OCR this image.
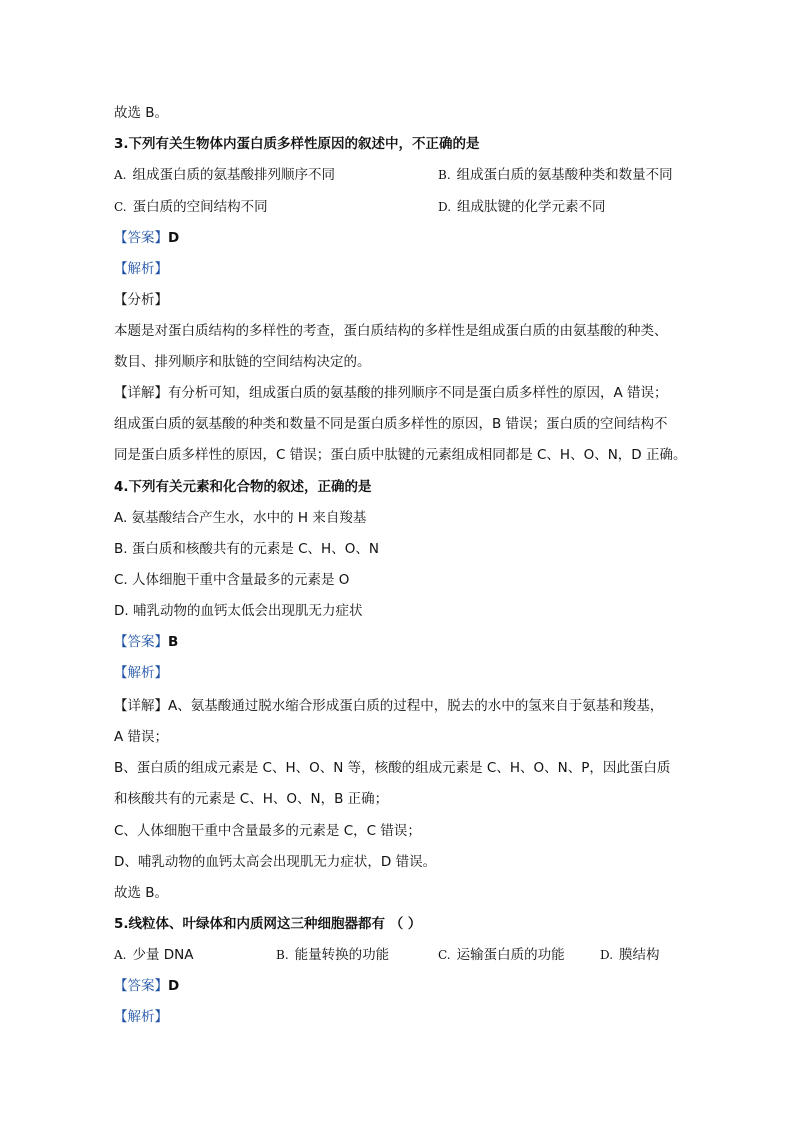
故选 B。
3.下列有关生物体内蛋白质多样性原因的叙述中，不正确的是
A. 组成蛋白质的氨基酸排列顺序不同	B. 组成蛋白质的氨基酸种类和数量不同
C. 蛋白质的空间结构不同	D. 组成肽键的化学元素不同
【答案】D
【解析】
【分析】
本题是对蛋白质结构的多样性的考查，蛋白质结构的多样性是组成蛋白质的由氨基酸的种类、
数目、排列顺序和肽链的空间结构决定的。
【详解】有分析可知，组成蛋白质的氨基酸的排列顺序不同是蛋白质多样性的原因，A 错误；
组成蛋白质的氨基酸的种类和数量不同是蛋白质多样性的原因，B 错误；蛋白质的空间结构不
同是蛋白质多样性的原因，C 错误；蛋白质中肽键的元素组成相同都是 C、H、O、N，D 正确。
4.下列有关元素和化合物的叙述，正确的是
A. 氨基酸结合产生水，水中的 H 来自羧基
B. 蛋白质和核酸共有的元素是 C、H、O、N
C. 人体细胞干重中含量最多的元素是 O
D. 哺乳动物的血钙太低会出现肌无力症状
【答案】B
【解析】
【详解】A、氨基酸通过脱水缩合形成蛋白质的过程中，脱去的水中的氢来自于氨基和羧基，
A 错误；
B、蛋白质的组成元素是 C、H、O、N 等，核酸的组成元素是 C、H、O、N、P，因此蛋白质
和核酸共有的元素是 C、H、O、N，B 正确；
C、人体细胞干重中含量最多的元素是 C，C 错误；
D、哺乳动物的血钙太高会出现肌无力症状，D 错误。
故选 B。
5.线粒体、叶绿体和内质网这三种细胞器都有 （ ）
A. 少量 DNA	B. 能量转换的功能	C. 运输蛋白质的功能	D. 膜结构
【答案】D
【解析】
